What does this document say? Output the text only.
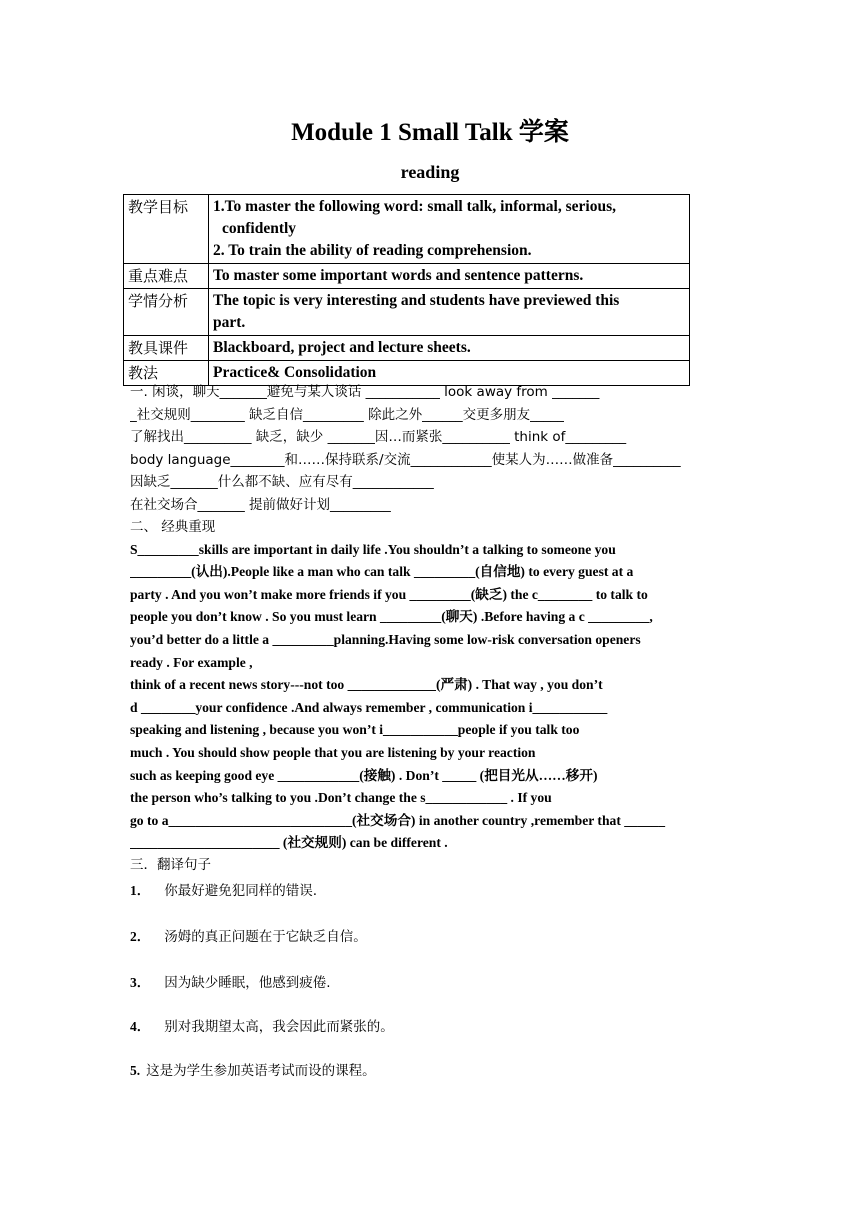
Module 1 Small Talk 学案
reading
教学目标	1.To master the following word: small talk, informal, serious,
confidently
2. To train the ability of reading comprehension.

重点难点	To master some important words and sentence patterns.
学情分析	The topic is very interesting and students have previewed this
part.

教具课件	Blackboard, project and lecture sheets.
教法	Practice& Consolidation
一. 闲谈，聊天_______避免与某人谈话 ___________ look away from _______
_社交规则________ 缺乏自信_________ 除此之外______交更多朋友_____
了解找出__________ 缺乏，缺少 _______因…而紧张__________ think of_________
body language________和……保持联系/交流____________使某人为……做准备__________
因缺乏_______什么都不缺、应有尽有____________
在社交场合_______ 提前做好计划_________
二、 经典重现
S_________skills are important in daily life .You shouldn’t a talking to someone you
_________(认出).People like a man who can talk _________(自信地) to every guest at a
party . And you won’t make more friends if you _________(缺乏) the c________ to talk to
people you don’t know . So you must learn _________(聊天) .Before having a c _________,
you’d better do a little a _________planning.Having some low-risk conversation openers
ready . For example ,
think of a recent news story---not too _____________(严肃) . That way , you don’t
d ________your confidence .And always remember , communication i___________
speaking and listening , because you won’t i___________people if you talk too
much . You should show people that you are listening by your reaction
such as keeping good eye ____________(接触) . Don’t _____ (把目光从……移开)
the person who’s talking to you .Don’t change the s____________ . If you
go to a___________________________(社交场合) in another country ,remember that ______
______________________ (社交规则) can be different .
三．翻译句子
1． 你最好避免犯同样的错误.
2． 汤姆的真正问题在于它缺乏自信。
3． 因为缺少睡眠，他感到疲倦.
4． 别对我期望太高，我会因此而紧张的。
5. 这是为学生参加英语考试而设的课程。
